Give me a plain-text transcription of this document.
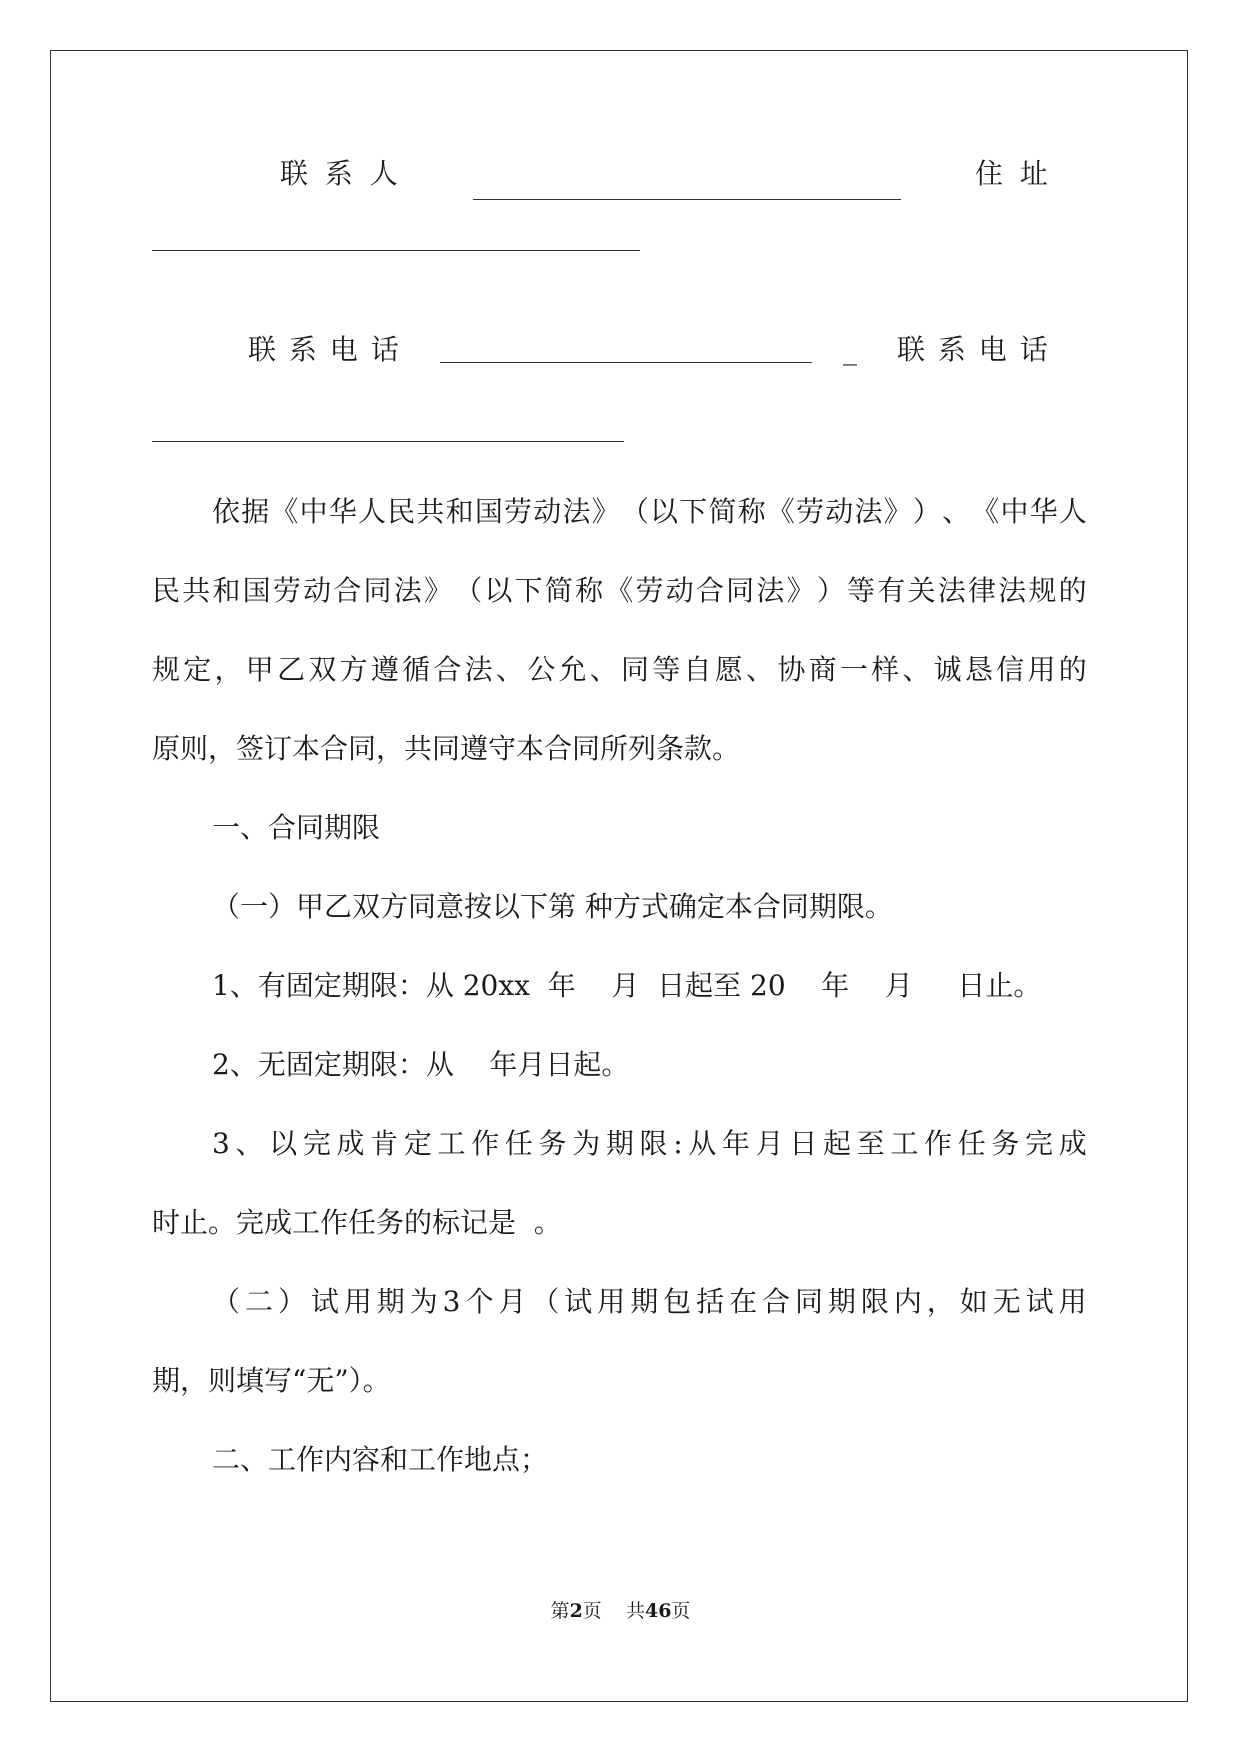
联 系 人	住 址
联 系 电 话	_ 联 系 电 话
依 据 《 中 华 人 民 共 和 国 劳 动 法 》 （ 以 下 简 称 《 劳 动 法 》 ） 、 《 中 华 人
民 共 和 国 劳 动 合 同 法 》 （ 以 下 简 称 《 劳 动 合 同 法 》 ） 等 有 关 法 律 法 规 的
规 定 ， 甲 乙 双 方 遵 循 合 法 、 公 允 、 同 等 自 愿 、 协 商 一 样 、 诚 恳 信 用 的
原则，签订本合同，共同遵守本合同所列条款。
一、合同期限
（一）甲乙双方同意按以下第 种方式确定本合同期限。
1、有固定期限：从 20xx  年    月  日起至 20    年    月     日止。
2、无固定期限：从    年月日起。
3 、 以 完 成 肯 定 工 作 任 务 为 期 限 : 从 年 月 日 起 至 工 作 任 务 完 成
时止。完成工作任务的标记是  。
（ 二 ） 试 用 期 为 3 个 月 （ 试 用 期 包 括 在 合 同 期 限 内 ， 如 无 试 用
期，则填写“无”）。
二、工作内容和工作地点；
第2页    共46页
